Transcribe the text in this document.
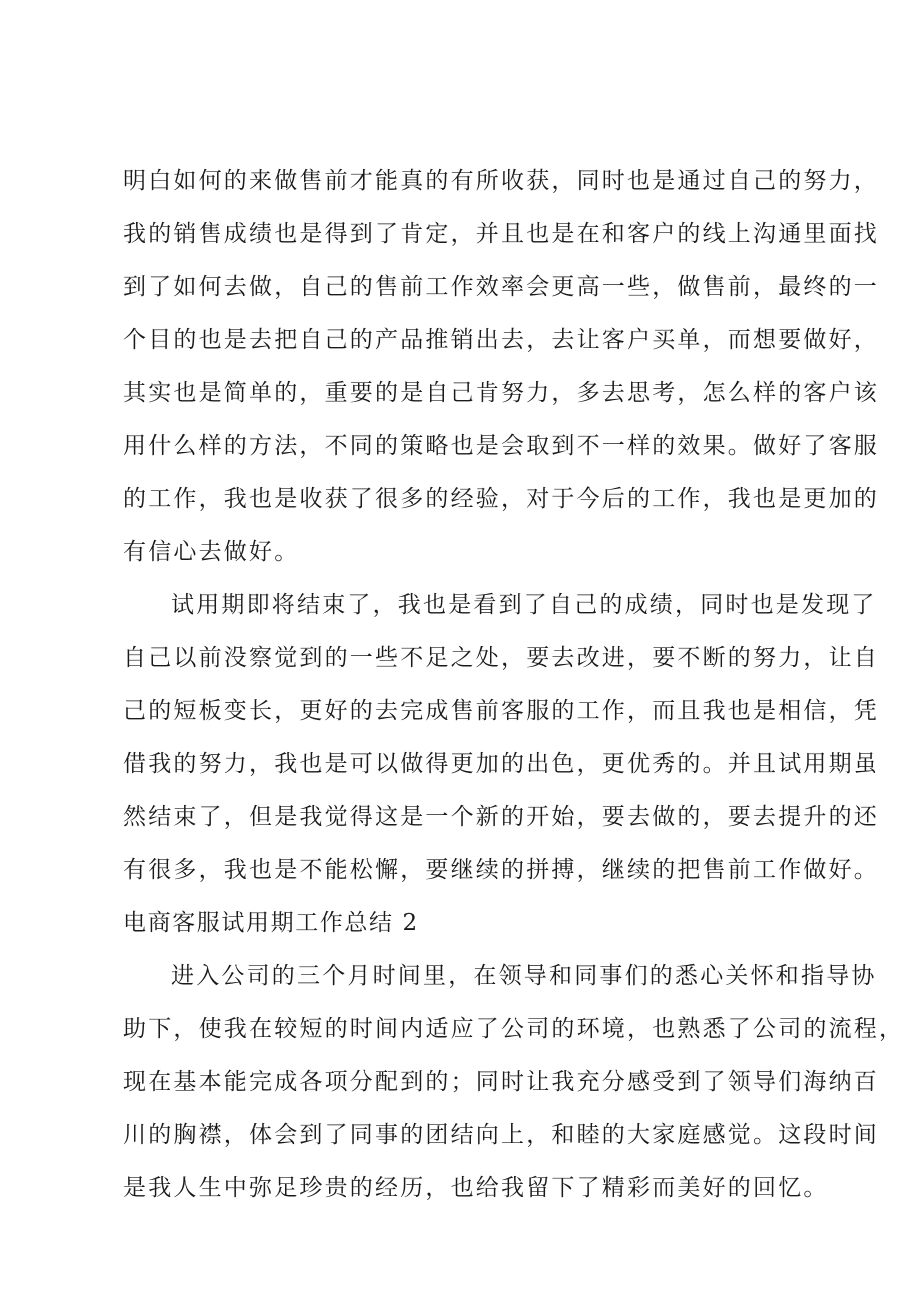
明白如何的来做售前才能真的有所收获，同时也是通过自己的努力，
我的销售成绩也是得到了肯定，并且也是在和客户的线上沟通里面找
到了如何去做，自己的售前工作效率会更高一些，做售前，最终的一
个目的也是去把自己的产品推销出去，去让客户买单，而想要做好，
其实也是简单的，重要的是自己肯努力，多去思考，怎么样的客户该
用什么样的方法，不同的策略也是会取到不一样的效果。做好了客服
的工作，我也是收获了很多的经验，对于今后的工作，我也是更加的
有信心去做好。
试用期即将结束了，我也是看到了自己的成绩，同时也是发现了
自己以前没察觉到的一些不足之处，要去改进，要不断的努力，让自
己的短板变长，更好的去完成售前客服的工作，而且我也是相信，凭
借我的努力，我也是可以做得更加的出色，更优秀的。并且试用期虽
然结束了，但是我觉得这是一个新的开始，要去做的，要去提升的还
有很多，我也是不能松懈，要继续的拼搏，继续的把售前工作做好。
电商客服试用期工作总结 2
进入公司的三个月时间里，在领导和同事们的悉心关怀和指导协
助下，使我在较短的时间内适应了公司的环境，也熟悉了公司的流程，
现在基本能完成各项分配到的；同时让我充分感受到了领导们海纳百
川的胸襟，体会到了同事的团结向上，和睦的大家庭感觉。这段时间
是我人生中弥足珍贵的经历，也给我留下了精彩而美好的回忆。
